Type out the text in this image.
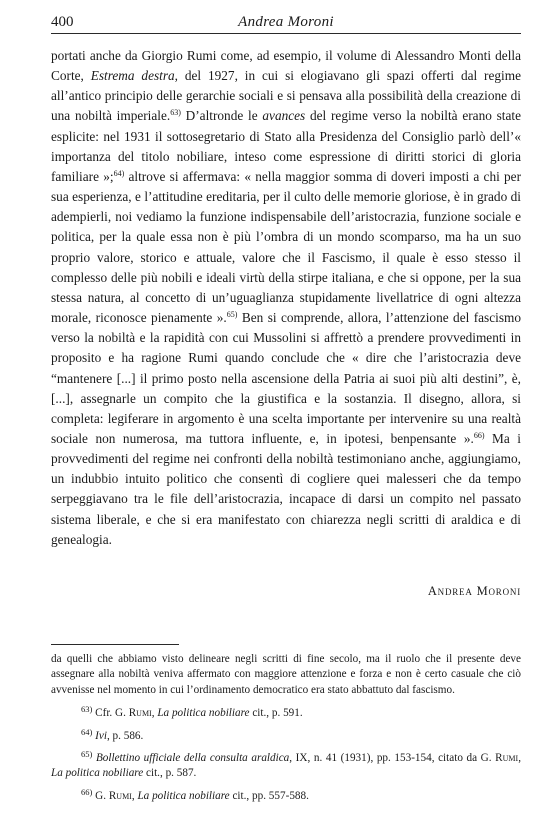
400	Andrea Moroni

portati anche da Giorgio Rumi come, ad esempio, il volume di Alessandro Monti della Corte, Estrema destra, del 1927, in cui si elogiavano gli spazi offerti dal regime all’antico principio delle gerarchie sociali e si pensava alla possibilità della creazione di una nobiltà imperiale.$^{63)}$ D’altronde le avances del regime verso la nobiltà erano state esplicite: nel 1931 il sottosegretario di Stato alla Presidenza del Consiglio parlò dell’« importanza del titolo nobiliare, inteso come espressione di diritti storici di gloria familiare »;$^{64)}$ altrove si affermava: « nella maggior somma di doveri imposti a chi per sua esperienza, e l’attitudine ereditaria, per il culto delle memorie gloriose, è in grado di adempierli, noi vediamo la funzione indispensabile dell’aristocrazia, funzione sociale e politica, per la quale essa non è più l’ombra di un mondo scomparso, ma ha un suo proprio valore, storico e attuale, valore che il Fascismo, il quale è esso stesso il complesso delle più nobili e ideali virtù della stirpe italiana, e che si oppone, per la sua stessa natura, al concetto di un’uguaglianza stupidamente livellatrice di ogni altezza morale, riconosce pienamente ».$^{65)}$ Ben si comprende, allora, l’attenzione del fascismo verso la nobiltà e la rapidità con cui Mussolini si affrettò a prendere provvedimenti in proposito e ha ragione Rumi quando conclude che « dire che l’aristocrazia deve “mantenere [...] il primo posto nella ascensione della Patria ai suoi più alti destini”, è, [...], assegnarle un compito che la giustifica e la sostanzia. Il disegno, allora, si completa: legiferare in argomento è una scelta importante per intervenire su una realtà sociale non numerosa, ma tuttora influente, e, in ipotesi, benpensante ».$^{66)}$ Ma i provvedimenti del regime nei confronti della nobiltà testimoniano anche, aggiungiamo, un indubbio intuito politico che consentì di cogliere quei malesseri che da tempo serpeggiavano tra le file dell’aristocrazia, incapace di darsi un compito nel passato sistema liberale, e che si era manifestato con chiarezza negli scritti di araldica e di genealogia.

Andrea Moroni

da quelli che abbiamo visto delineare negli scritti di fine secolo, ma il ruolo che il presente deve assegnare alla nobiltà veniva affermato con maggiore attenzione e forza e non è certo casuale che ciò avvenisse nel momento in cui l’ordinamento democratico era stato abbattuto dal fascismo.

$^{63)}$ Cfr. G. Rumi, La politica nobiliare cit., p. 591.

$^{64)}$ Ivi, p. 586.

$^{65)}$ Bollettino ufficiale della consulta araldica, IX, n. 41 (1931), pp. 153-154, citato da G. Rumi, La politica nobiliare cit., p. 587.

$^{66)}$ G. Rumi, La politica nobiliare cit., pp. 557-588.
